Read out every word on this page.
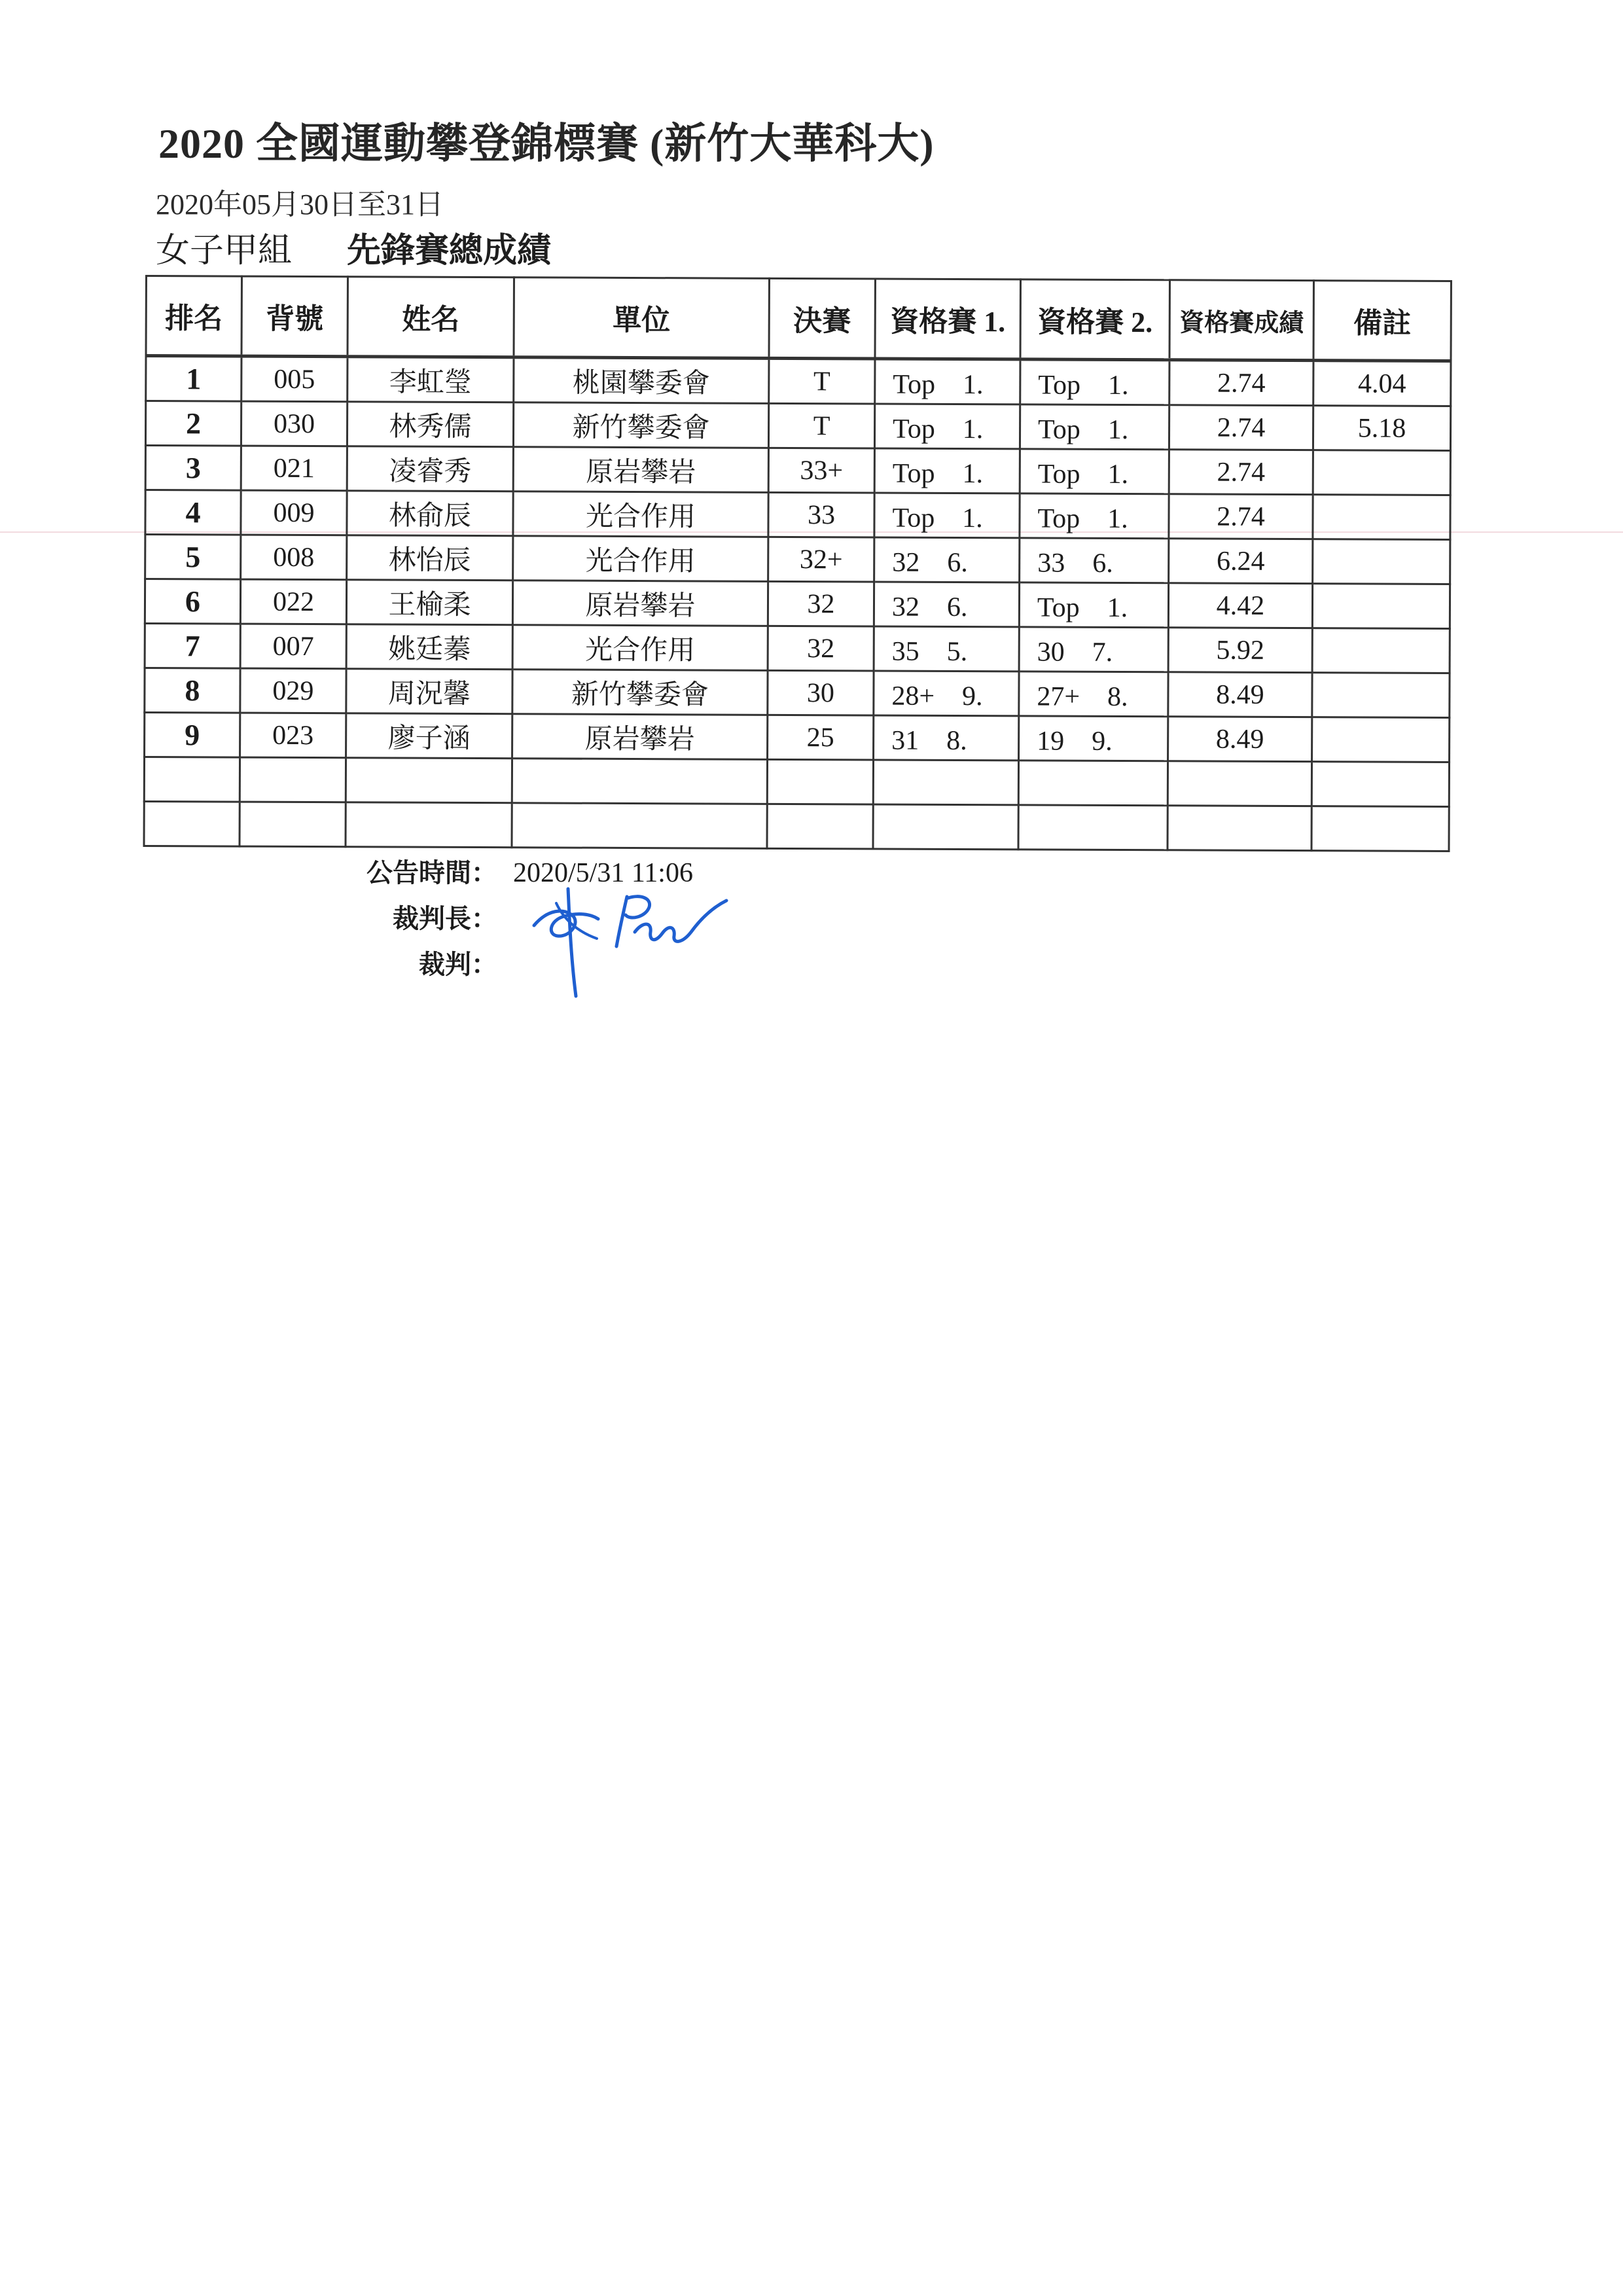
2020 全國運動攀登錦標賽 (新竹大華科大)
2020年05月30日至31日
女子甲組 先鋒賽總成績
排名	背號	姓名	單位	決賽	資格賽 1.	資格賽 2.	資格賽成績	備註
1	005	李虹瑩	桃園攀委會	T	Top　1.	Top　1.	2.74	4.04
2	030	林秀儒	新竹攀委會	T	Top　1.	Top　1.	2.74	5.18
3	021	凌睿秀	原岩攀岩	33+	Top　1.	Top　1.	2.74	
4	009	林俞辰	光合作用	33	Top　1.	Top　1.	2.74	
5	008	林怡辰	光合作用	32+	32　6.	33　6.	6.24	
6	022	王榆柔	原岩攀岩	32	32　6.	Top　1.	4.42	
7	007	姚廷蓁	光合作用	32	35　5.	30　7.	5.92	
8	029	周況馨	新竹攀委會	30	28+　9.	27+　8.	8.49	
9	023	廖子涵	原岩攀岩	25	31　8.	19　9.	8.49	

公告時間： 2020/5/31 11:06
裁判長：
裁判：
